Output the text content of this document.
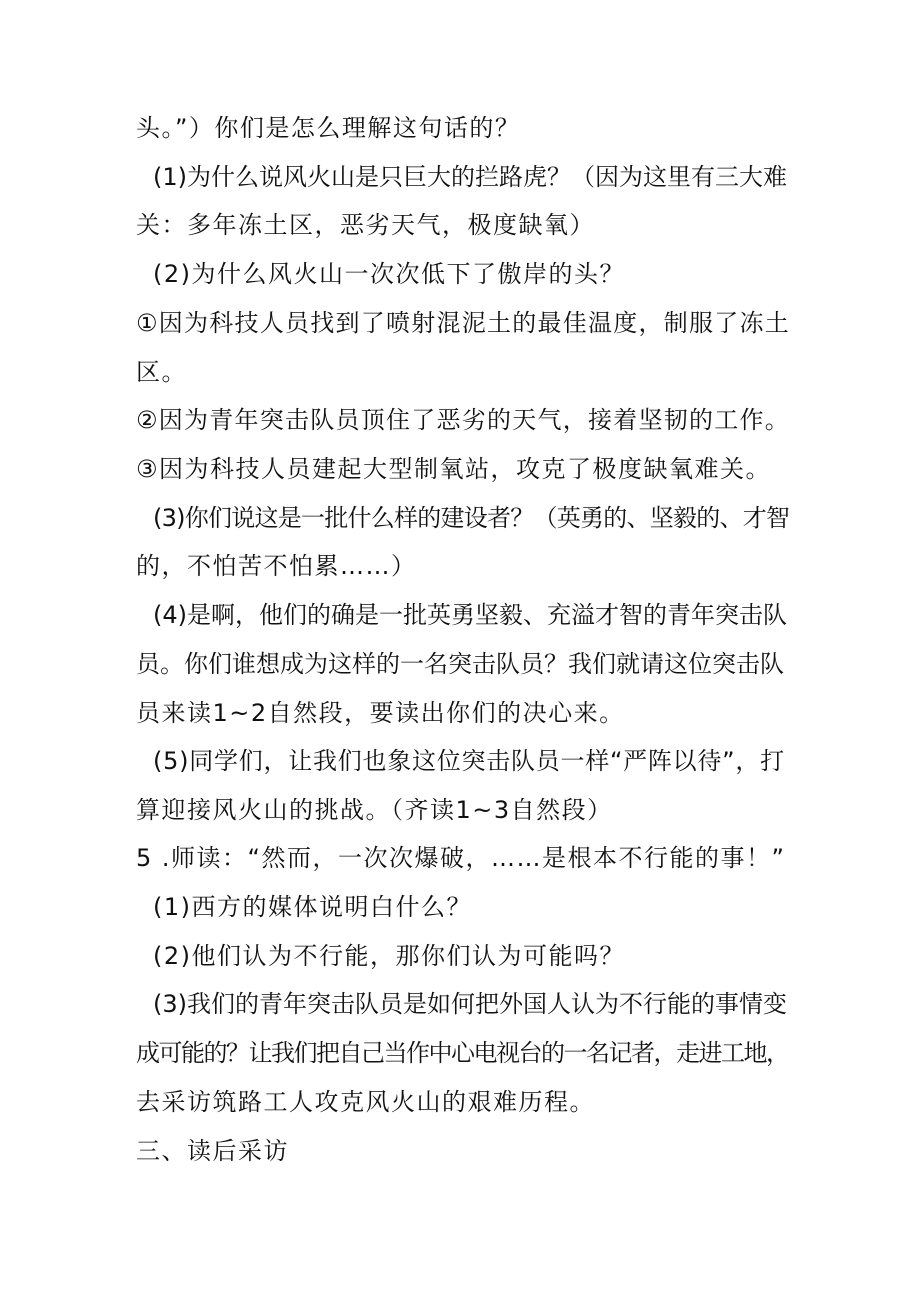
头。”）你们是怎么理解这句话的？
(1)为什么说风火山是只巨大的拦路虎？（因为这里有三大难
关：多年冻土区，恶劣天气，极度缺氧）
(2)为什么风火山一次次低下了傲岸的头？
①因为科技人员找到了喷射混泥土的最佳温度，制服了冻土
区。
②因为青年突击队员顶住了恶劣的天气，接着坚韧的工作。
③因为科技人员建起大型制氧站，攻克了极度缺氧难关。
(3)你们说这是一批什么样的建设者？（英勇的、坚毅的、才智
的，不怕苦不怕累……）
(4)是啊，他们的确是一批英勇坚毅、充溢才智的青年突击队
员。你们谁想成为这样的一名突击队员？我们就请这位突击队
员来读1~2自然段，要读出你们的决心来。
(5)同学们，让我们也象这位突击队员一样“严阵以待”，打
算迎接风火山的挑战。（齐读1~3自然段）
5 .师读：“然而，一次次爆破，……是根本不行能的事！”
(1)西方的媒体说明白什么？
(2)他们认为不行能，那你们认为可能吗？
(3)我们的青年突击队员是如何把外国人认为不行能的事情变
成可能的？让我们把自己当作中心电视台的一名记者，走进工地，
去采访筑路工人攻克风火山的艰难历程。
三、读后采访
